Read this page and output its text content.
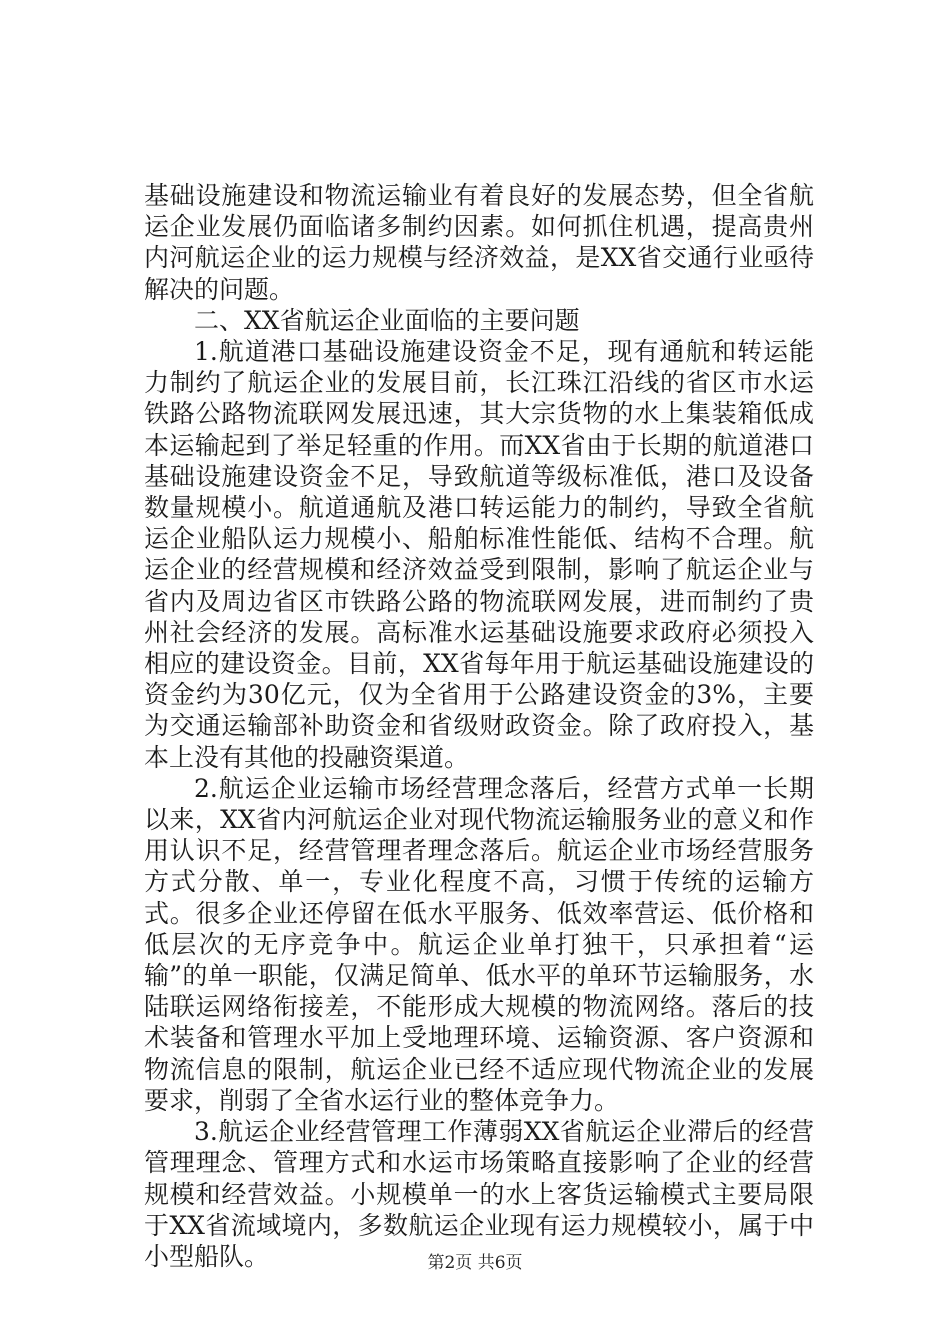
基础设施建设和物流运输业有着良好的发展态势，但全省航运企业发展仍面临诸多制约因素。如何抓住机遇，提高贵州内河航运企业的运力规模与经济效益，是XX省交通行业亟待解决的问题。

二、XX省航运企业面临的主要问题

1.航道港口基础设施建设资金不足，现有通航和转运能力制约了航运企业的发展目前，长江珠江沿线的省区市水运铁路公路物流联网发展迅速，其大宗货物的水上集装箱低成本运输起到了举足轻重的作用。而XX省由于长期的航道港口基础设施建设资金不足，导致航道等级标准低，港口及设备数量规模小。航道通航及港口转运能力的制约，导致全省航运企业船队运力规模小、船舶标准性能低、结构不合理。航运企业的经营规模和经济效益受到限制，影响了航运企业与省内及周边省区市铁路公路的物流联网发展，进而制约了贵州社会经济的发展。高标准水运基础设施要求政府必须投入相应的建设资金。目前，XX省每年用于航运基础设施建设的资金约为30亿元，仅为全省用于公路建设资金的3%，主要为交通运输部补助资金和省级财政资金。除了政府投入，基本上没有其他的投融资渠道。

2.航运企业运输市场经营理念落后，经营方式单一长期以来，XX省内河航运企业对现代物流运输服务业的意义和作用认识不足，经营管理者理念落后。航运企业市场经营服务方式分散、单一，专业化程度不高，习惯于传统的运输方式。很多企业还停留在低水平服务、低效率营运、低价格和低层次的无序竞争中。航运企业单打独干，只承担着“运输”的单一职能，仅满足简单、低水平的单环节运输服务，水陆联运网络衔接差，不能形成大规模的物流网络。落后的技术装备和管理水平加上受地理环境、运输资源、客户资源和物流信息的限制，航运企业已经不适应现代物流企业的发展要求，削弱了全省水运行业的整体竞争力。

3.航运企业经营管理工作薄弱XX省航运企业滞后的经营管理理念、管理方式和水运市场策略直接影响了企业的经营规模和经营效益。小规模单一的水上客货运输模式主要局限于XX省流域境内，多数航运企业现有运力规模较小，属于中小型船队。	第2页 共6页
